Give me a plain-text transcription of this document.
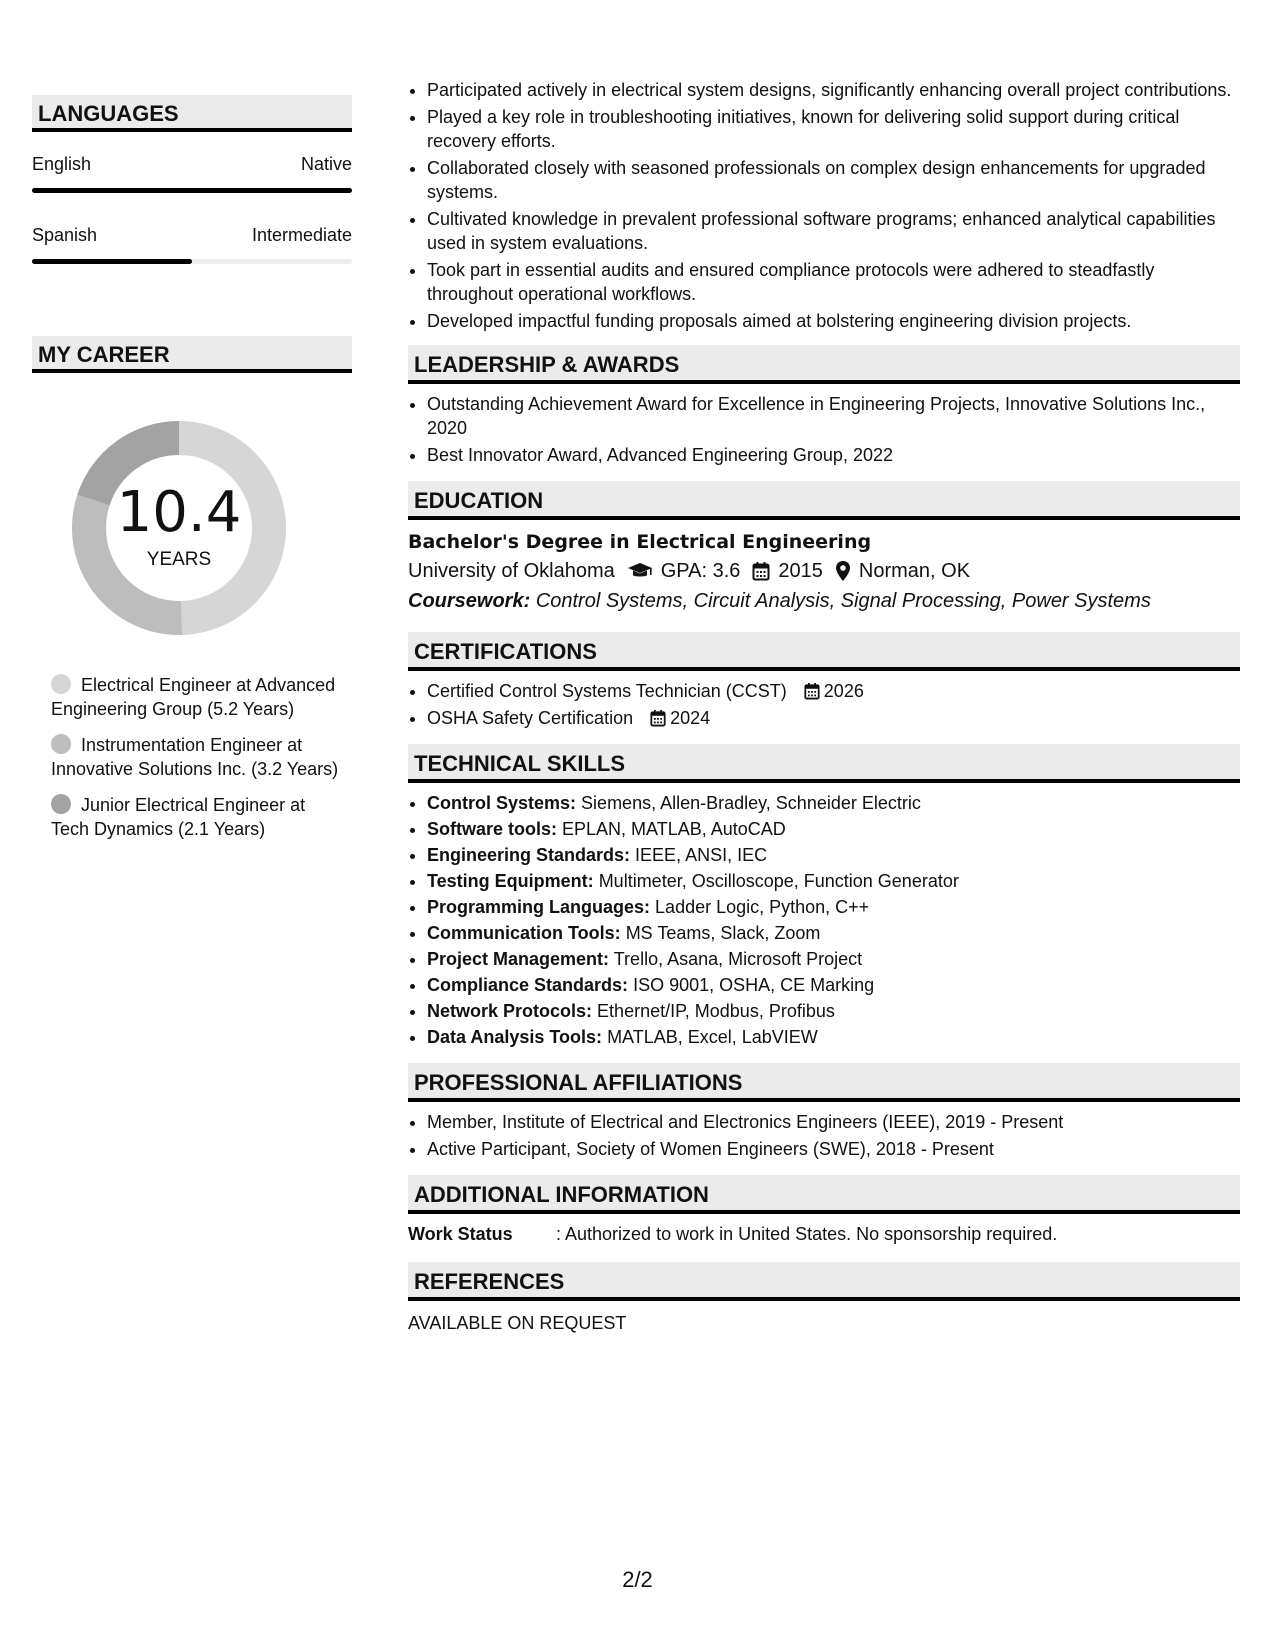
LANGUAGES
English	Native
Spanish	Intermediate
MY CAREER
10.4
YEARS
Electrical Engineer at Advanced Engineering Group (5.2 Years)
Instrumentation Engineer at Innovative Solutions Inc. (3.2 Years)
Junior Electrical Engineer at Tech Dynamics (2.1 Years)
• Participated actively in electrical system designs, significantly enhancing overall project contributions.
• Played a key role in troubleshooting initiatives, known for delivering solid support during critical recovery efforts.
• Collaborated closely with seasoned professionals on complex design enhancements for upgraded systems.
• Cultivated knowledge in prevalent professional software programs; enhanced analytical capabilities used in system evaluations.
• Took part in essential audits and ensured compliance protocols were adhered to steadfastly throughout operational workflows.
• Developed impactful funding proposals aimed at bolstering engineering division projects.
LEADERSHIP & AWARDS
• Outstanding Achievement Award for Excellence in Engineering Projects, Innovative Solutions Inc., 2020
• Best Innovator Award, Advanced Engineering Group, 2022
EDUCATION
Bachelor's Degree in Electrical Engineering
University of Oklahoma GPA: 3.6 2015 Norman, OK
Coursework: Control Systems, Circuit Analysis, Signal Processing, Power Systems
CERTIFICATIONS
• Certified Control Systems Technician (CCST) 2026
• OSHA Safety Certification 2024
TECHNICAL SKILLS
• Control Systems: Siemens, Allen-Bradley, Schneider Electric
• Software tools: EPLAN, MATLAB, AutoCAD
• Engineering Standards: IEEE, ANSI, IEC
• Testing Equipment: Multimeter, Oscilloscope, Function Generator
• Programming Languages: Ladder Logic, Python, C++
• Communication Tools: MS Teams, Slack, Zoom
• Project Management: Trello, Asana, Microsoft Project
• Compliance Standards: ISO 9001, OSHA, CE Marking
• Network Protocols: Ethernet/IP, Modbus, Profibus
• Data Analysis Tools: MATLAB, Excel, LabVIEW
PROFESSIONAL AFFILIATIONS
• Member, Institute of Electrical and Electronics Engineers (IEEE), 2019 - Present
• Active Participant, Society of Women Engineers (SWE), 2018 - Present
ADDITIONAL INFORMATION
Work Status	: Authorized to work in United States. No sponsorship required.
REFERENCES
AVAILABLE ON REQUEST
2/2
